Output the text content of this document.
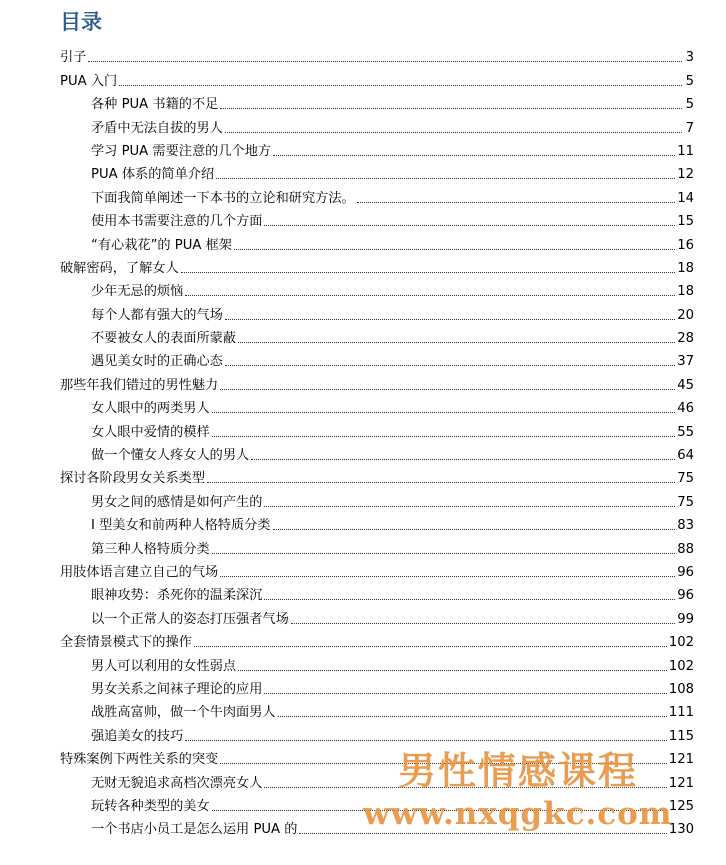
目录
引子	3
PUA 入门	5
各种 PUA 书籍的不足	5
矛盾中无法自拔的男人	7
学习 PUA 需要注意的几个地方	11
PUA 体系的简单介绍	12
下面我简单阐述一下本书的立论和研究方法。	14
使用本书需要注意的几个方面	15
“有心栽花”的 PUA 框架	16
破解密码，了解女人	18
少年无忌的烦恼	18
每个人都有强大的气场	20
不要被女人的表面所蒙蔽	28
遇见美女时的正确心态	37
那些年我们错过的男性魅力	45
女人眼中的两类男人	46
女人眼中爱情的模样	55
做一个懂女人疼女人的男人	64
探讨各阶段男女关系类型	75
男女之间的感情是如何产生的	75
I 型美女和前两种人格特质分类	83
第三种人格特质分类	88
用肢体语言建立自己的气场	96
眼神攻势：杀死你的温柔深沉	96
以一个正常人的姿态打压强者气场	99
全套情景模式下的操作	102
男人可以利用的女性弱点	102
男女关系之间袜子理论的应用	108
战胜高富帅，做一个牛肉面男人	111
强追美女的技巧	115
特殊案例下两性关系的突变	121
无财无貌追求高档次漂亮女人	121
玩转各种类型的美女	125
一个书店小员工是怎么运用 PUA 的	130
男性情感课程
www.nxqgkc.com
